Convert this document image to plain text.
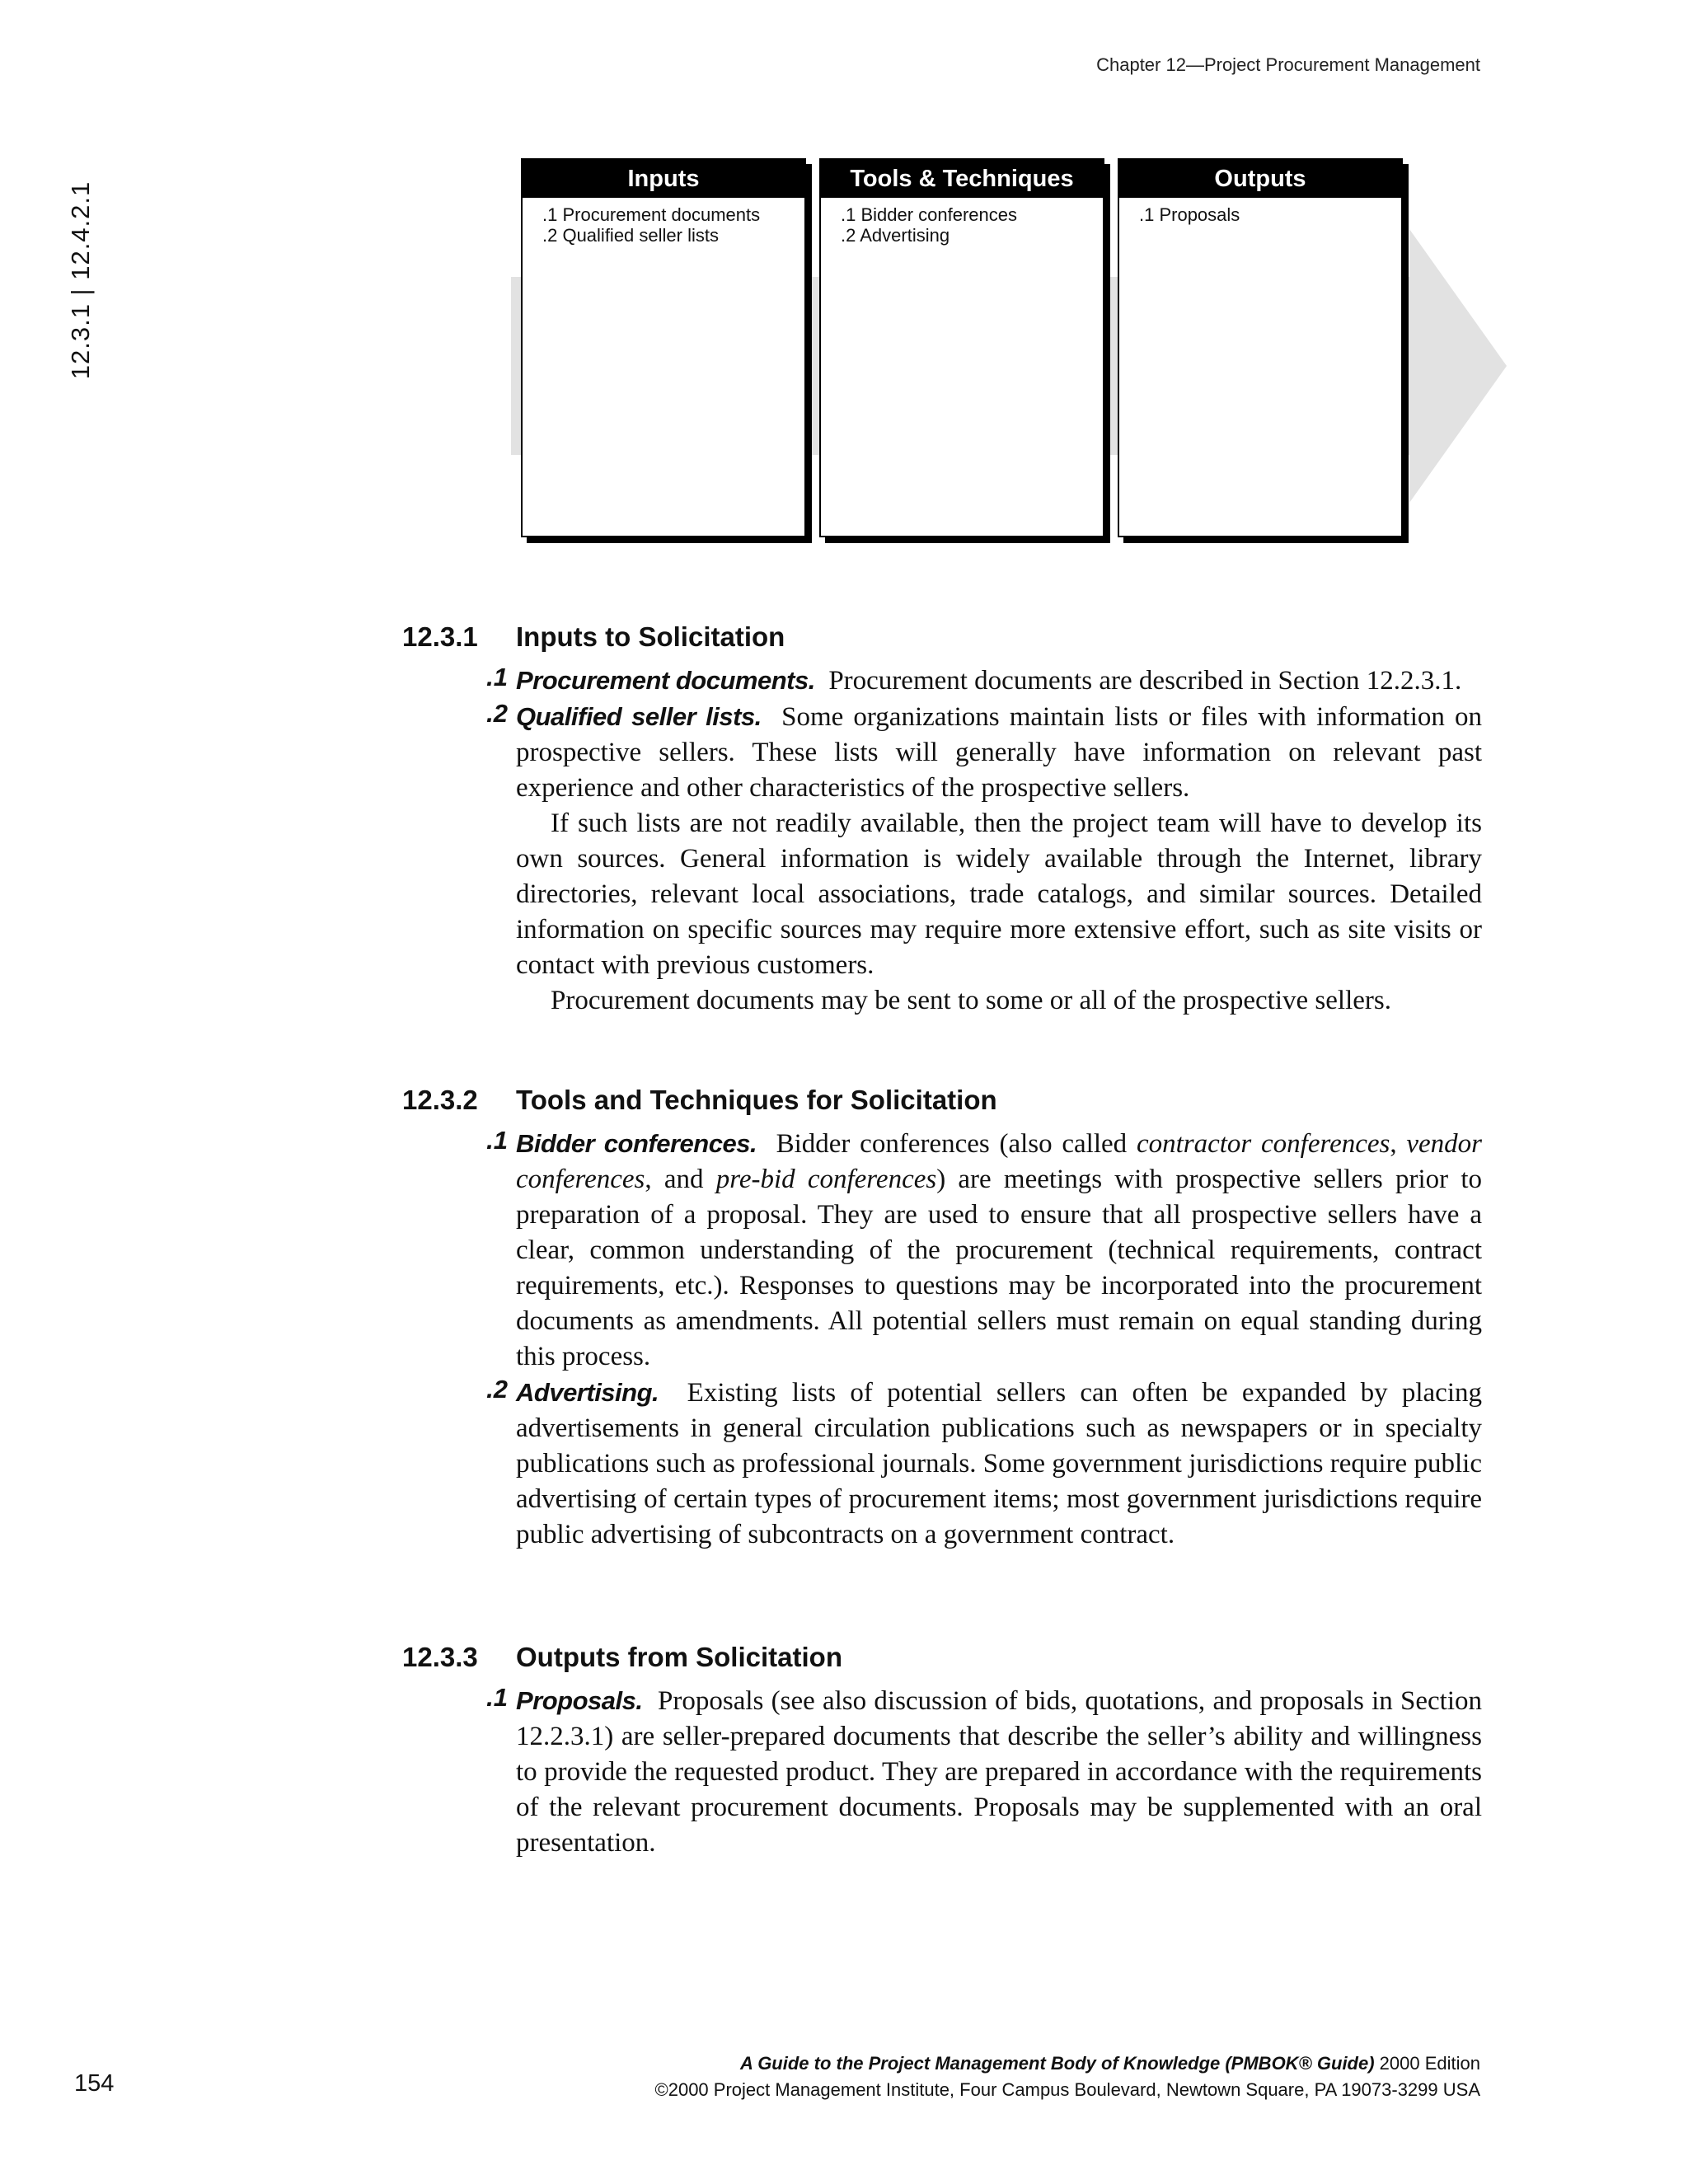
Chapter 12—Project Procurement Management
12.3.1 | 12.4.2.1
Inputs
.1 Procurement documents
.2 Qualified seller lists
Tools & Techniques
.1 Bidder conferences
.2 Advertising
Outputs
.1 Proposals
12.3.1 Inputs to Solicitation
.1 Procurement documents. Procurement documents are described in Section 12.2.3.1.

.2 Qualified seller lists. Some organizations maintain lists or files with information on prospective sellers. These lists will generally have information on relevant past experience and other characteristics of the prospective sellers.

If such lists are not readily available, then the project team will have to develop its own sources. General information is widely available through the Internet, library directories, relevant local associations, trade catalogs, and similar sources. Detailed information on specific sources may require more extensive effort, such as site visits or contact with previous customers.

Procurement documents may be sent to some or all of the prospective sellers.

12.3.2 Tools and Techniques for Solicitation
.1 Bidder conferences. Bidder conferences (also called contractor conferences, vendor conferences, and pre-bid conferences) are meetings with prospective sellers prior to preparation of a proposal. They are used to ensure that all prospective sellers have a clear, common understanding of the procurement (technical requirements, contract requirements, etc.). Responses to questions may be incorporated into the procurement documents as amendments. All potential sellers must remain on equal standing during this process.

.2 Advertising. Existing lists of potential sellers can often be expanded by placing advertisements in general circulation publications such as newspapers or in specialty publications such as professional journals. Some government jurisdictions require public advertising of certain types of procurement items; most government jurisdictions require public advertising of subcontracts on a government contract.

12.3.3 Outputs from Solicitation
.1 Proposals. Proposals (see also discussion of bids, quotations, and proposals in Section 12.2.3.1) are seller-prepared documents that describe the seller’s ability and willingness to provide the requested product. They are prepared in accordance with the requirements of the relevant procurement documents. Proposals may be supplemented with an oral presentation.

154
A Guide to the Project Management Body of Knowledge (PMBOK® Guide) 2000 Edition
©2000 Project Management Institute, Four Campus Boulevard, Newtown Square, PA 19073-3299 USA
